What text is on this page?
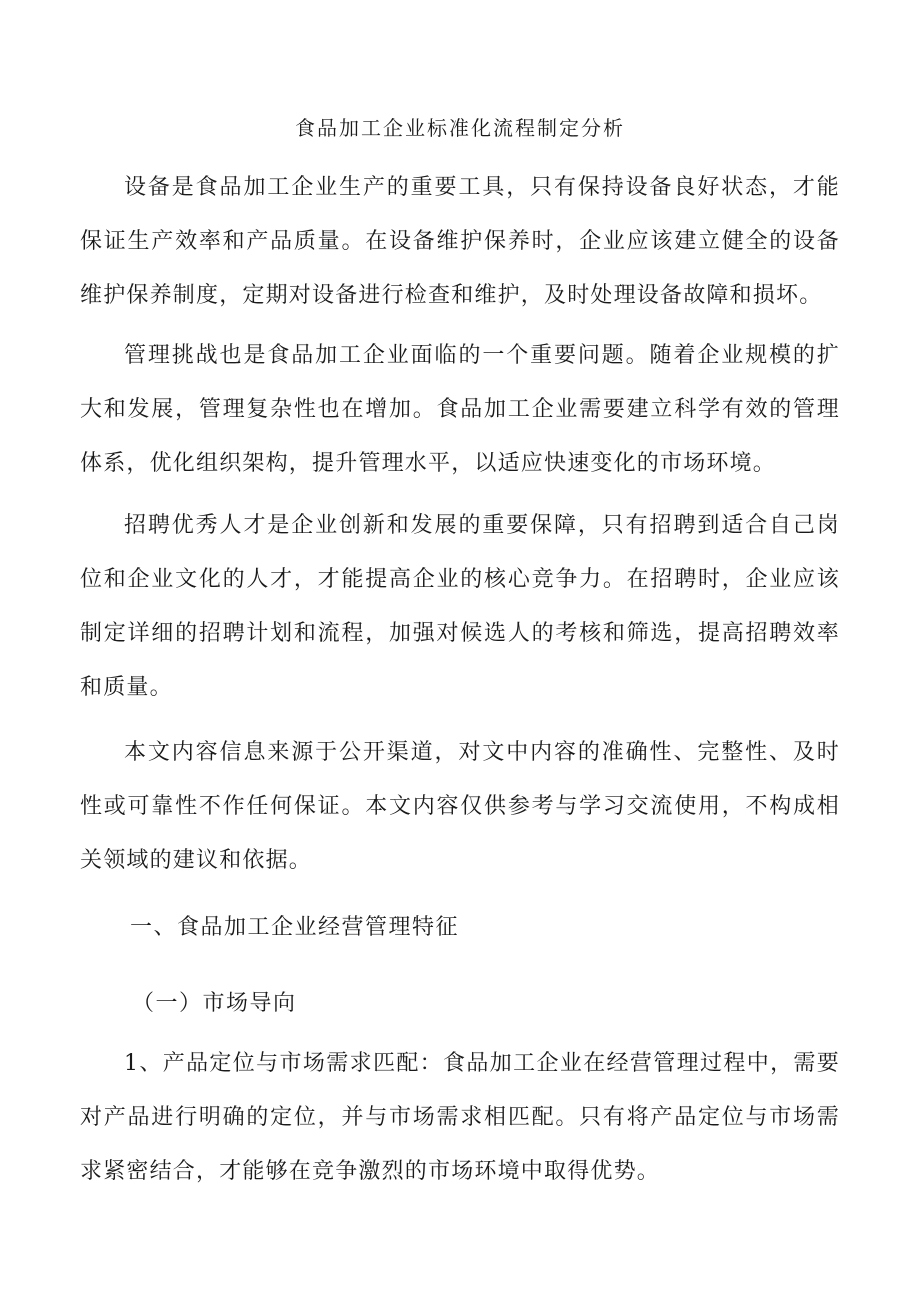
食品加工企业标准化流程制定分析

设备是食品加工企业生产的重要工具，只有保持设备良好状态，才能保证生产效率和产品质量。在设备维护保养时，企业应该建立健全的设备维护保养制度，定期对设备进行检查和维护，及时处理设备故障和损坏。

管理挑战也是食品加工企业面临的一个重要问题。随着企业规模的扩大和发展，管理复杂性也在增加。食品加工企业需要建立科学有效的管理体系，优化组织架构，提升管理水平，以适应快速变化的市场环境。

招聘优秀人才是企业创新和发展的重要保障，只有招聘到适合自己岗位和企业文化的人才，才能提高企业的核心竞争力。在招聘时，企业应该制定详细的招聘计划和流程，加强对候选人的考核和筛选，提高招聘效率和质量。

本文内容信息来源于公开渠道，对文中内容的准确性、完整性、及时性或可靠性不作任何保证。本文内容仅供参考与学习交流使用，不构成相关领域的建议和依据。

一、食品加工企业经营管理特征
（一）市场导向

1、产品定位与市场需求匹配：食品加工企业在经营管理过程中，需要对产品进行明确的定位，并与市场需求相匹配。只有将产品定位与市场需求紧密结合，才能够在竞争激烈的市场环境中取得优势。
